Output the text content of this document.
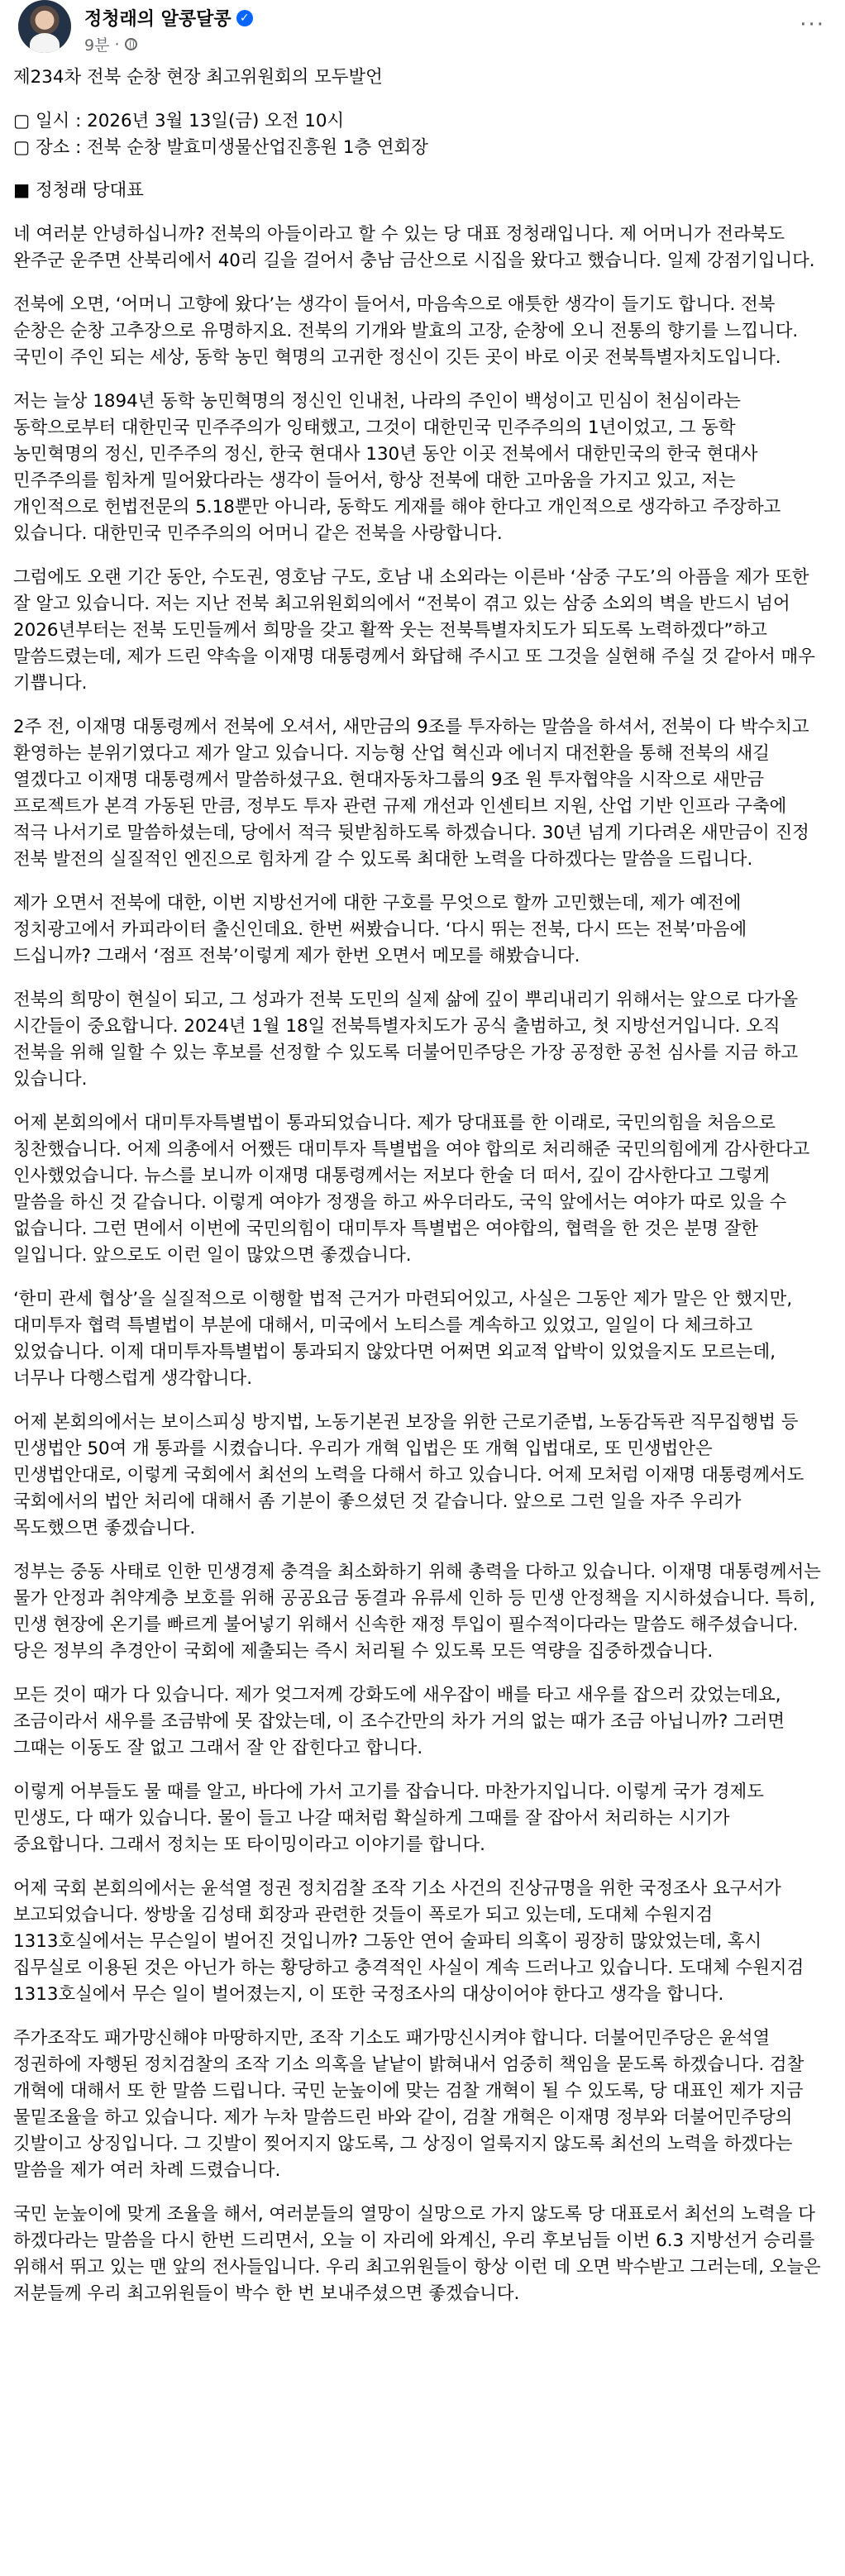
정청래의 알콩달콩 ✓
9분 ·
···

제234차 전북 순창 현장 최고위원회의 모두발언

▢ 일시 : 2026년 3월 13일(금) 오전 10시
▢ 장소 : 전북 순창 발효미생물산업진흥원 1층 연회장

■ 정청래 당대표

네 여러분 안녕하십니까? 전북의 아들이라고 할 수 있는 당 대표 정청래입니다. 제 어머니가 전라북도 완주군 운주면 산북리에서 40리 길을 걸어서 충남 금산으로 시집을 왔다고 했습니다. 일제 강점기입니다.

전북에 오면, ‘어머니 고향에 왔다’는 생각이 들어서, 마음속으로 애틋한 생각이 들기도 합니다. 전북 순창은 순창 고추장으로 유명하지요. 전북의 기개와 발효의 고장, 순창에 오니 전통의 향기를 느낍니다. 국민이 주인 되는 세상, 동학 농민 혁명의 고귀한 정신이 깃든 곳이 바로 이곳 전북특별자치도입니다.

저는 늘상 1894년 동학 농민혁명의 정신인 인내천, 나라의 주인이 백성이고 민심이 천심이라는 동학으로부터 대한민국 민주주의가 잉태했고, 그것이 대한민국 민주주의의 1년이었고, 그 동학 농민혁명의 정신, 민주주의 정신, 한국 현대사 130년 동안 이곳 전북에서 대한민국의 한국 현대사 민주주의를 힘차게 밀어왔다라는 생각이 들어서, 항상 전북에 대한 고마움을 가지고 있고, 저는 개인적으로 헌법전문의 5.18뿐만 아니라, 동학도 게재를 해야 한다고 개인적으로 생각하고 주장하고 있습니다. 대한민국 민주주의의 어머니 같은 전북을 사랑합니다.

그럼에도 오랜 기간 동안, 수도권, 영호남 구도, 호남 내 소외라는 이른바 ‘삼중 구도’의 아픔을 제가 또한 잘 알고 있습니다. 저는 지난 전북 최고위원회의에서 “전북이 겪고 있는 삼중 소외의 벽을 반드시 넘어 2026년부터는 전북 도민들께서 희망을 갖고 활짝 웃는 전북특별자치도가 되도록 노력하겠다”하고 말씀드렸는데, 제가 드린 약속을 이재명 대통령께서 화답해 주시고 또 그것을 실현해 주실 것 같아서 매우 기쁩니다.

2주 전, 이재명 대통령께서 전북에 오셔서, 새만금의 9조를 투자하는 말씀을 하셔서, 전북이 다 박수치고 환영하는 분위기였다고 제가 알고 있습니다. 지능형 산업 혁신과 에너지 대전환을 통해 전북의 새길 열겠다고 이재명 대통령께서 말씀하셨구요. 현대자동차그룹의 9조 원 투자협약을 시작으로 새만금 프로젝트가 본격 가동된 만큼, 정부도 투자 관련 규제 개선과 인센티브 지원, 산업 기반 인프라 구축에 적극 나서기로 말씀하셨는데, 당에서 적극 뒷받침하도록 하겠습니다. 30년 넘게 기다려온 새만금이 진정 전북 발전의 실질적인 엔진으로 힘차게 갈 수 있도록 최대한 노력을 다하겠다는 말씀을 드립니다.

제가 오면서 전북에 대한, 이번 지방선거에 대한 구호를 무엇으로 할까 고민했는데, 제가 예전에 정치광고에서 카피라이터 출신인데요. 한번 써봤습니다. ‘다시 뛰는 전북, 다시 뜨는 전북’마음에 드십니까? 그래서 ‘점프 전북’이렇게 제가 한번 오면서 메모를 해봤습니다.

전북의 희망이 현실이 되고, 그 성과가 전북 도민의 실제 삶에 깊이 뿌리내리기 위해서는 앞으로 다가올 시간들이 중요합니다. 2024년 1월 18일 전북특별자치도가 공식 출범하고, 첫 지방선거입니다. 오직 전북을 위해 일할 수 있는 후보를 선정할 수 있도록 더불어민주당은 가장 공정한 공천 심사를 지금 하고 있습니다.

어제 본회의에서 대미투자특별법이 통과되었습니다. 제가 당대표를 한 이래로, 국민의힘을 처음으로 칭찬했습니다. 어제 의총에서 어쨌든 대미투자 특별법을 여야 합의로 처리해준 국민의힘에게 감사한다고 인사했었습니다. 뉴스를 보니까 이재명 대통령께서는 저보다 한술 더 떠서, 깊이 감사한다고 그렇게 말씀을 하신 것 같습니다. 이렇게 여야가 정쟁을 하고 싸우더라도, 국익 앞에서는 여야가 따로 있을 수 없습니다. 그런 면에서 이번에 국민의힘이 대미투자 특별법은 여야합의, 협력을 한 것은 분명 잘한 일입니다. 앞으로도 이런 일이 많았으면 좋겠습니다.

‘한미 관세 협상’을 실질적으로 이행할 법적 근거가 마련되어있고, 사실은 그동안 제가 말은 안 했지만, 대미투자 협력 특별법이 부분에 대해서, 미국에서 노티스를 계속하고 있었고, 일일이 다 체크하고 있었습니다. 이제 대미투자특별법이 통과되지 않았다면 어쩌면 외교적 압박이 있었을지도 모르는데, 너무나 다행스럽게 생각합니다.

어제 본회의에서는 보이스피싱 방지법, 노동기본권 보장을 위한 근로기준법, 노동감독관 직무집행법 등 민생법안 50여 개 통과를 시켰습니다. 우리가 개혁 입법은 또 개혁 입법대로, 또 민생법안은 민생법안대로, 이렇게 국회에서 최선의 노력을 다해서 하고 있습니다. 어제 모처럼 이재명 대통령께서도 국회에서의 법안 처리에 대해서 좀 기분이 좋으셨던 것 같습니다. 앞으로 그런 일을 자주 우리가 목도했으면 좋겠습니다.

정부는 중동 사태로 인한 민생경제 충격을 최소화하기 위해 총력을 다하고 있습니다. 이재명 대통령께서는 물가 안정과 취약계층 보호를 위해 공공요금 동결과 유류세 인하 등 민생 안정책을 지시하셨습니다. 특히, 민생 현장에 온기를 빠르게 불어넣기 위해서 신속한 재정 투입이 필수적이다라는 말씀도 해주셨습니다. 당은 정부의 추경안이 국회에 제출되는 즉시 처리될 수 있도록 모든 역량을 집중하겠습니다.

모든 것이 때가 다 있습니다. 제가 엊그저께 강화도에 새우잡이 배를 타고 새우를 잡으러 갔었는데요, 조금이라서 새우를 조금밖에 못 잡았는데, 이 조수간만의 차가 거의 없는 때가 조금 아닙니까? 그러면 그때는 이동도 잘 없고 그래서 잘 안 잡힌다고 합니다.

이렇게 어부들도 물 때를 알고, 바다에 가서 고기를 잡습니다. 마찬가지입니다. 이렇게 국가 경제도 민생도, 다 때가 있습니다. 물이 들고 나갈 때처럼 확실하게 그때를 잘 잡아서 처리하는 시기가 중요합니다. 그래서 정치는 또 타이밍이라고 이야기를 합니다.

어제 국회 본회의에서는 윤석열 정권 정치검찰 조작 기소 사건의 진상규명을 위한 국정조사 요구서가 보고되었습니다. 쌍방울 김성태 회장과 관련한 것들이 폭로가 되고 있는데, 도대체 수원지검 1313호실에서는 무슨일이 벌어진 것입니까? 그동안 연어 술파티 의혹이 굉장히 많았었는데, 혹시 집무실로 이용된 것은 아닌가 하는 황당하고 충격적인 사실이 계속 드러나고 있습니다. 도대체 수원지검 1313호실에서 무슨 일이 벌어졌는지, 이 또한 국정조사의 대상이어야 한다고 생각을 합니다.

주가조작도 패가망신해야 마땅하지만, 조작 기소도 패가망신시켜야 합니다. 더불어민주당은 윤석열 정권하에 자행된 정치검찰의 조작 기소 의혹을 낱낱이 밝혀내서 엄중히 책임을 묻도록 하겠습니다. 검찰 개혁에 대해서 또 한 말씀 드립니다. 국민 눈높이에 맞는 검찰 개혁이 될 수 있도록, 당 대표인 제가 지금 물밑조율을 하고 있습니다. 제가 누차 말씀드린 바와 같이, 검찰 개혁은 이재명 정부와 더불어민주당의 깃발이고 상징입니다. 그 깃발이 찢어지지 않도록, 그 상징이 얼룩지지 않도록 최선의 노력을 하겠다는 말씀을 제가 여러 차례 드렸습니다.

국민 눈높이에 맞게 조율을 해서, 여러분들의 열망이 실망으로 가지 않도록 당 대표로서 최선의 노력을 다 하겠다라는 말씀을 다시 한번 드리면서, 오늘 이 자리에 와계신, 우리 후보님들 이번 6.3 지방선거 승리를 위해서 뛰고 있는 맨 앞의 전사들입니다. 우리 최고위원들이 항상 이런 데 오면 박수받고 그러는데, 오늘은 저분들께 우리 최고위원들이 박수 한 번 보내주셨으면 좋겠습니다.
